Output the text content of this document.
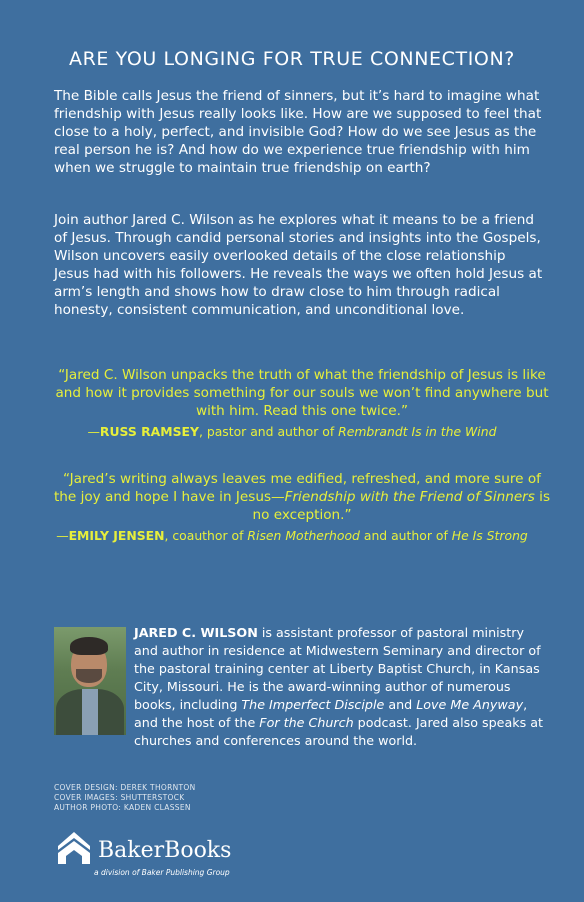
ARE YOU LONGING FOR TRUE CONNECTION?

The Bible calls Jesus the friend of sinners, but it’s hard to imagine what friendship with Jesus really looks like. How are we supposed to feel that close to a holy, perfect, and invisible God? How do we see Jesus as the real person he is? And how do we experience true friendship with him when we struggle to maintain true friendship on earth?

Join author Jared C. Wilson as he explores what it means to be a friend of Jesus. Through candid personal stories and insights into the Gospels, Wilson uncovers easily overlooked details of the close relationship Jesus had with his followers. He reveals the ways we often hold Jesus at arm’s length and shows how to draw close to him through radical honesty, consistent communication, and unconditional love.

“Jared C. Wilson unpacks the truth of what the friendship of Jesus is like and how it provides something for our souls we won’t find anywhere but with him. Read this one twice.”

—RUSS RAMSEY, pastor and author of Rembrandt Is in the Wind

“Jared’s writing always leaves me edified, refreshed, and more sure of the joy and hope I have in Jesus—Friendship with the Friend of Sinners is no exception.”

—EMILY JENSEN, coauthor of Risen Motherhood and author of He Is Strong

JARED C. WILSON is assistant professor of pastoral ministry and author in residence at Midwestern Seminary and director of the pastoral training center at Liberty Baptist Church, in Kansas City, Missouri. He is the award-winning author of numerous books, including The Imperfect Disciple and Love Me Anyway, and the host of the For the Church podcast. Jared also speaks at churches and conferences around the world.

COVER DESIGN: DEREK THORNTON
COVER IMAGES: SHUTTERSTOCK
AUTHOR PHOTO: KADEN CLASSEN
BakerBooks
a division of Baker Publishing Group
